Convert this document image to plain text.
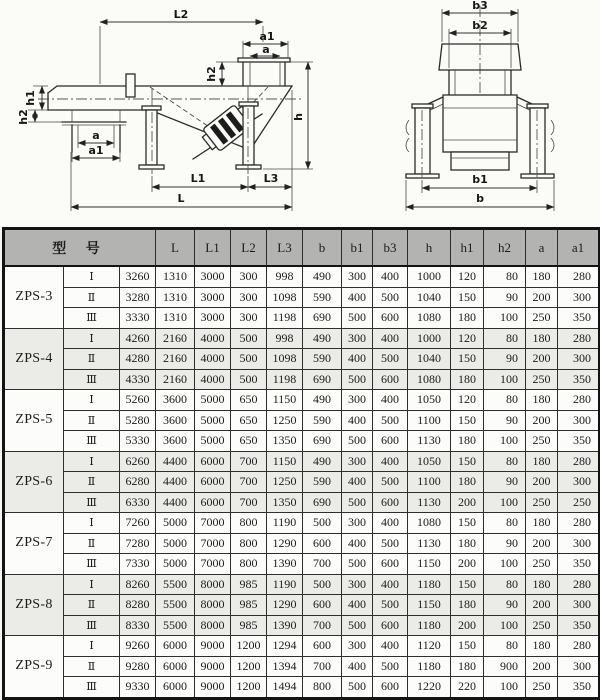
L2
a1
a
h2
h1
h2
a
a1
h
L1	L3
L
b3
b2
b1
b
型 号			L	L1	L2	L3	b	b1	b3	h	h1	h2	a	a1
ZPS-3	Ⅰ	3260	1310	3000	300	998	490	300	400	1000	120	80	180	280
	Ⅱ	3280	1310	3000	300	1098	590	400	500	1040	150	90	200	300
	Ⅲ	3330	1310	3000	300	1198	690	500	600	1080	180	100	250	350
ZPS-4	Ⅰ	4260	2160	4000	500	998	490	300	400	1000	120	80	180	280
	Ⅱ	4280	2160	4000	500	1098	590	400	500	1040	150	90	200	300
	Ⅲ	4330	2160	4000	500	1198	690	500	600	1080	180	100	250	350
ZPS-5	Ⅰ	5260	3600	5000	650	1150	490	300	400	1050	120	80	180	280
	Ⅱ	5280	3600	5000	650	1250	590	400	500	1100	150	90	200	300
	Ⅲ	5330	3600	5000	650	1350	690	500	600	1130	180	100	250	350
ZPS-6	Ⅰ	6260	4400	6000	700	1150	490	300	400	1050	150	80	180	280
	Ⅱ	6280	4400	6000	700	1250	590	400	500	1100	180	90	200	300
	Ⅲ	6330	4400	6000	700	1350	690	500	600	1130	200	100	250	250
ZPS-7	Ⅰ	7260	5000	7000	800	1190	500	300	400	1080	150	80	180	280
	Ⅱ	7280	5000	7000	800	1290	600	400	500	1130	180	90	200	300
	Ⅲ	7330	5000	7000	800	1390	700	500	600	1150	200	100	250	350
ZPS-8	Ⅰ	8260	5500	8000	985	1190	500	300	400	1180	150	80	180	280
	Ⅱ	8280	5500	8000	985	1290	600	400	500	1150	180	90	200	300
	Ⅲ	8330	5500	8000	985	1390	700	500	600	1180	200	100	250	350
ZPS-9	Ⅰ	9260	6000	9000	1200	1294	600	300	400	1120	150	80	180	280
	Ⅱ	9280	6000	9000	1200	1394	700	400	500	1180	180	900	200	300
	Ⅲ	9330	6000	9000	1200	1494	800	500	600	1220	220	100	250	350
